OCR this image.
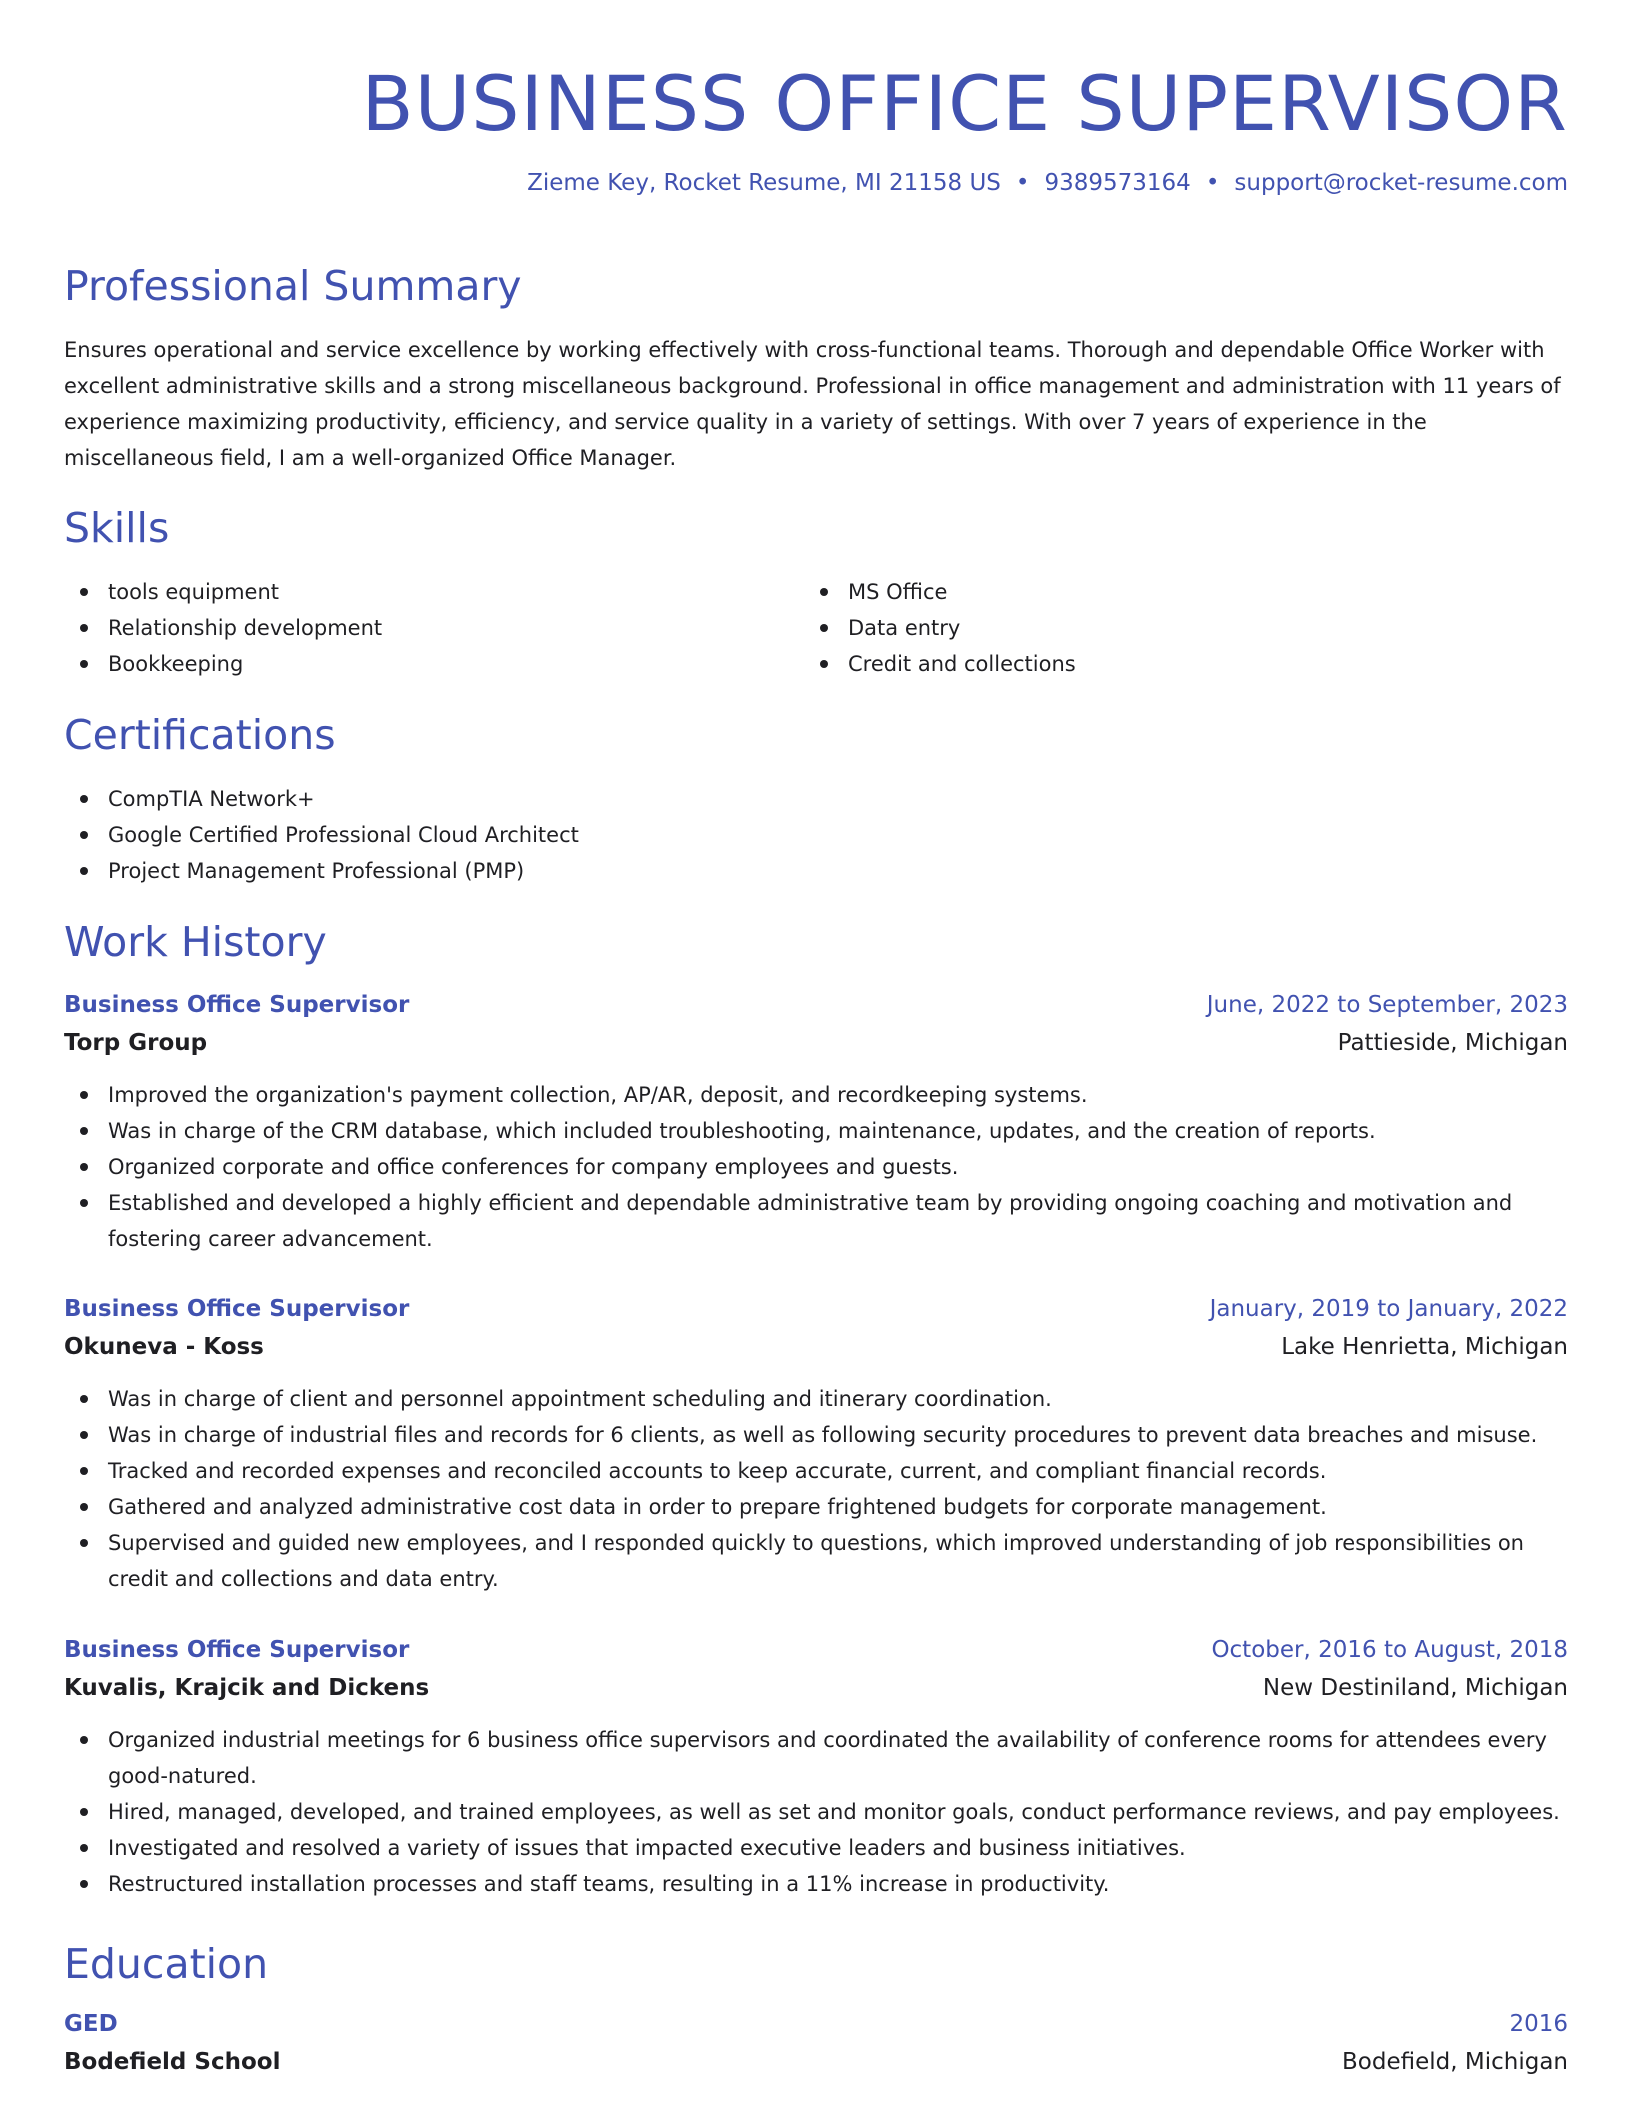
BUSINESS OFFICE SUPERVISOR
Zieme Key, Rocket Resume, MI 21158 US • 9389573164 • support@rocket-resume.com
Professional Summary

Ensures operational and service excellence by working effectively with cross-functional teams. Thorough and dependable Office Worker with excellent administrative skills and a strong miscellaneous background. Professional in office management and administration with 11 years of experience maximizing productivity, efficiency, and service quality in a variety of settings. With over 7 years of experience in the miscellaneous field, I am a well-organized Office Manager.

Skills
tools equipment
Relationship development
Bookkeeping
MS Office
Data entry
Credit and collections
Certifications
CompTIA Network+
Google Certified Professional Cloud Architect
Project Management Professional (PMP)
Work History
Business Office Supervisor	June, 2022 to September, 2023
Torp Group	Pattieside, Michigan
Improved the organization's payment collection, AP/AR, deposit, and recordkeeping systems.
Was in charge of the CRM database, which included troubleshooting, maintenance, updates, and the creation of reports.
Organized corporate and office conferences for company employees and guests.
Established and developed a highly efficient and dependable administrative team by providing ongoing coaching and motivation and fostering career advancement.
Business Office Supervisor	January, 2019 to January, 2022
Okuneva - Koss	Lake Henrietta, Michigan
Was in charge of client and personnel appointment scheduling and itinerary coordination.
Was in charge of industrial files and records for 6 clients, as well as following security procedures to prevent data breaches and misuse.
Tracked and recorded expenses and reconciled accounts to keep accurate, current, and compliant financial records.
Gathered and analyzed administrative cost data in order to prepare frightened budgets for corporate management.
Supervised and guided new employees, and I responded quickly to questions, which improved understanding of job responsibilities on credit and collections and data entry.
Business Office Supervisor	October, 2016 to August, 2018
Kuvalis, Krajcik and Dickens	New Destiniland, Michigan
Organized industrial meetings for 6 business office supervisors and coordinated the availability of conference rooms for attendees every good-natured.
Hired, managed, developed, and trained employees, as well as set and monitor goals, conduct performance reviews, and pay employees.
Investigated and resolved a variety of issues that impacted executive leaders and business initiatives.
Restructured installation processes and staff teams, resulting in a 11% increase in productivity.
Education
GED	2016
Bodefield School	Bodefield, Michigan
